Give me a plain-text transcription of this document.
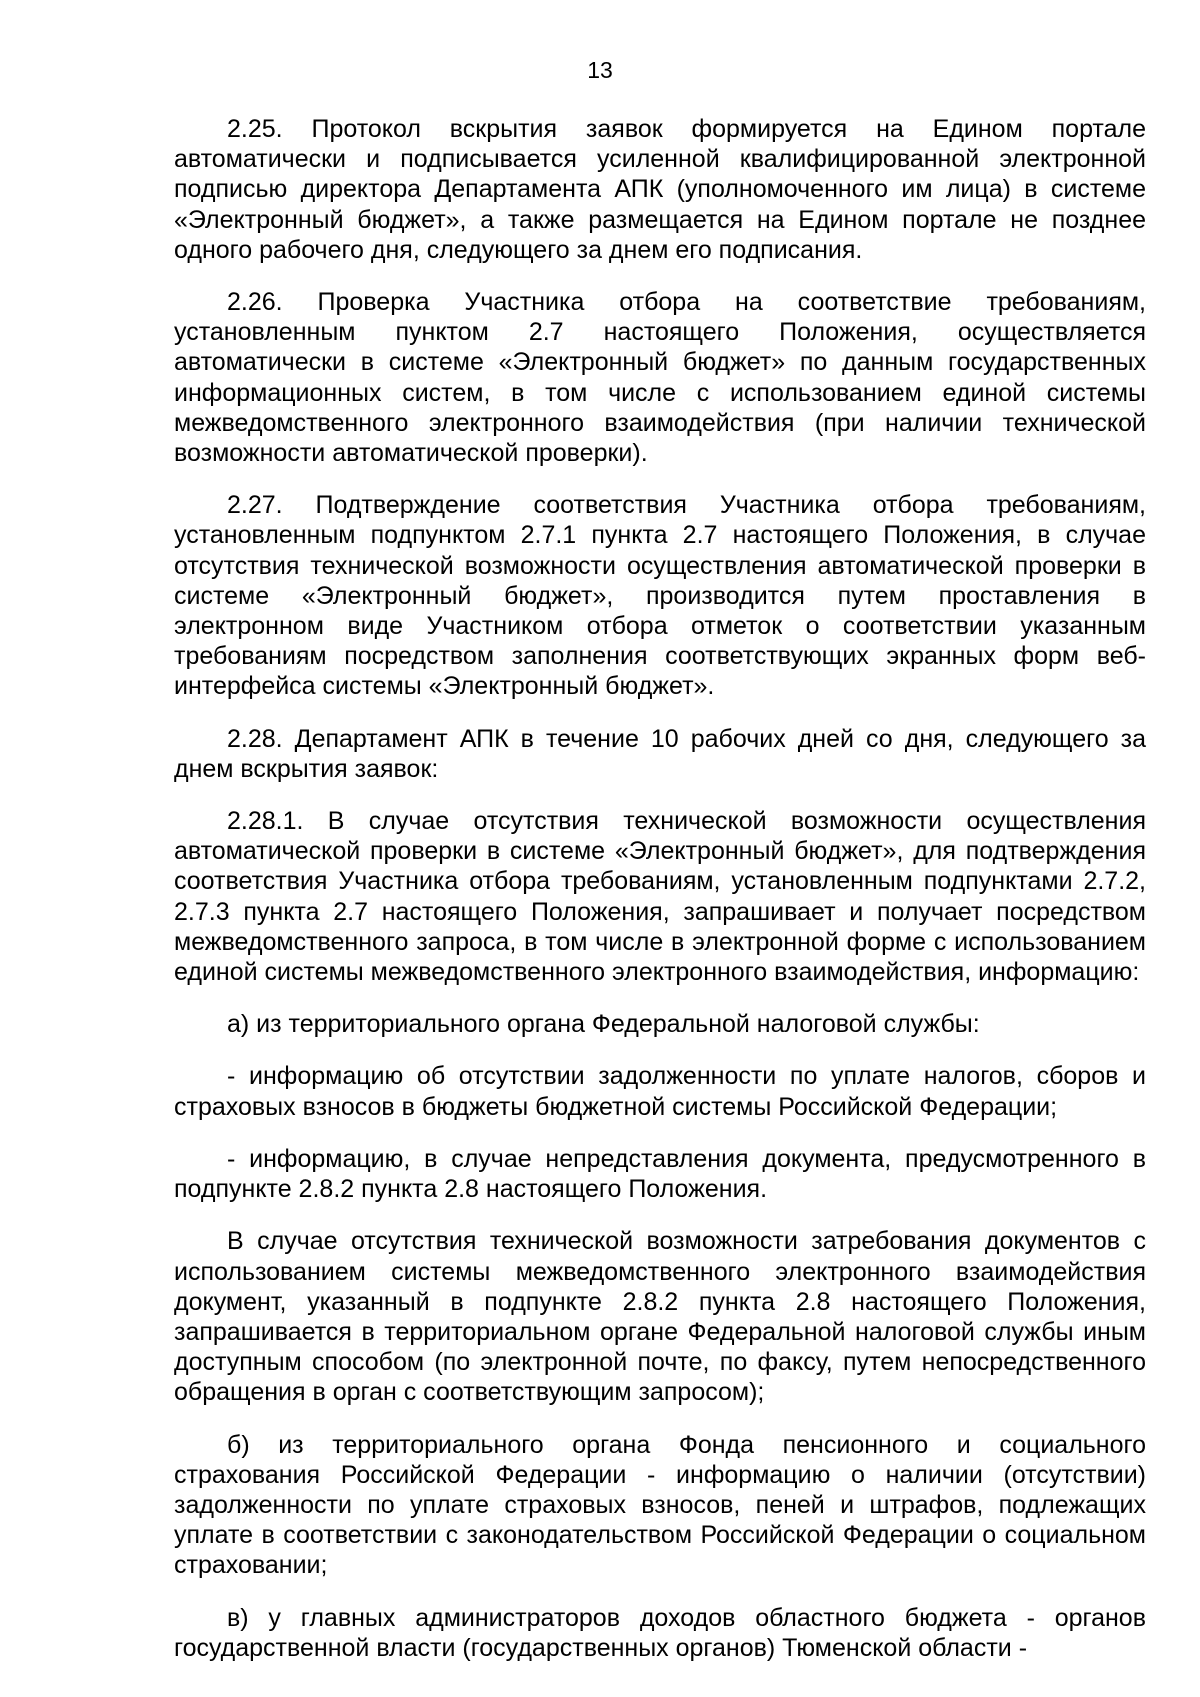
13

2.25. Протокол вскрытия заявок формируется на Едином портале автоматически и подписывается усиленной квалифицированной электронной подписью директора Департамента АПК (уполномоченного им лица) в системе «Электронный бюджет», а также размещается на Едином портале не позднее одного рабочего дня, следующего за днем его подписания.

2.26. Проверка Участника отбора на соответствие требованиям, установленным пунктом 2.7 настоящего Положения, осуществляется автоматически в системе «Электронный бюджет» по данным государственных информационных систем, в том числе с использованием единой системы межведомственного электронного взаимодействия (при наличии технической возможности автоматической проверки).

2.27. Подтверждение соответствия Участника отбора требованиям, установленным подпунктом 2.7.1 пункта 2.7 настоящего Положения, в случае отсутствия технической возможности осуществления автоматической проверки в системе «Электронный бюджет», производится путем проставления в электронном виде Участником отбора отметок о соответствии указанным требованиям посредством заполнения соответствующих экранных форм веб-интерфейса системы «Электронный бюджет».

2.28. Департамент АПК в течение 10 рабочих дней со дня, следующего за днем вскрытия заявок:

2.28.1. В случае отсутствия технической возможности осуществления автоматической проверки в системе «Электронный бюджет», для подтверждения соответствия Участника отбора требованиям, установленным подпунктами 2.7.2, 2.7.3 пункта 2.7 настоящего Положения, запрашивает и получает посредством межведомственного запроса, в том числе в электронной форме с использованием единой системы межведомственного электронного взаимодействия, информацию:

а) из территориального органа Федеральной налоговой службы:

- информацию об отсутствии задолженности по уплате налогов, сборов и страховых взносов в бюджеты бюджетной системы Российской Федерации;

- информацию, в случае непредставления документа, предусмотренного в подпункте 2.8.2 пункта 2.8 настоящего Положения.

В случае отсутствия технической возможности затребования документов с использованием системы межведомственного электронного взаимодействия документ, указанный в подпункте 2.8.2 пункта 2.8 настоящего Положения, запрашивается в территориальном органе Федеральной налоговой службы иным доступным способом (по электронной почте, по факсу, путем непосредственного обращения в орган с соответствующим запросом);

б) из территориального органа Фонда пенсионного и социального страхования Российской Федерации - информацию о наличии (отсутствии) задолженности по уплате страховых взносов, пеней и штрафов, подлежащих уплате в соответствии с законодательством Российской Федерации о социальном страховании;

в) у главных администраторов доходов областного бюджета - органов государственной власти (государственных органов) Тюменской области -
